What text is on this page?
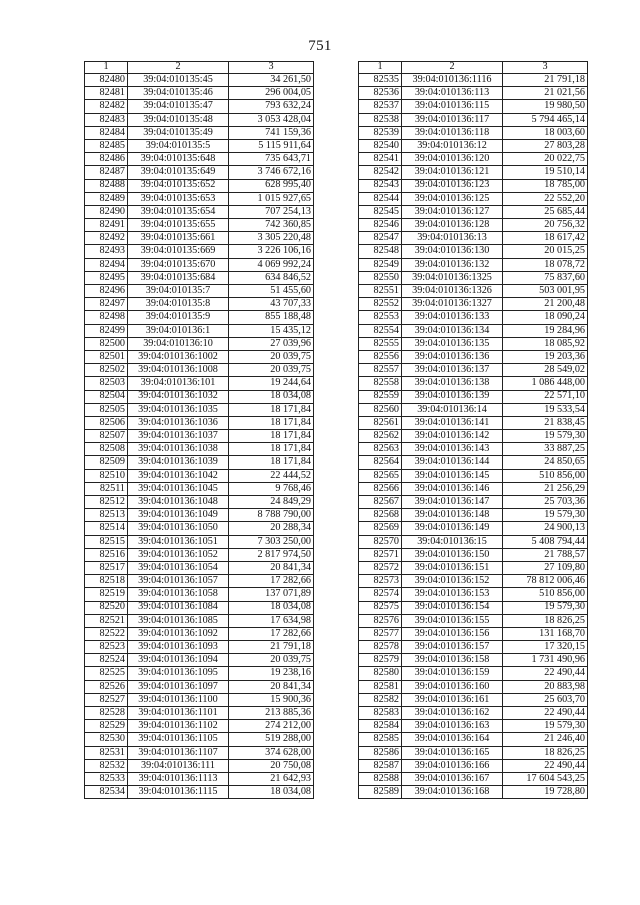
751
1	2	3
82480	39:04:010135:45	34 261,50
82481	39:04:010135:46	296 004,05
82482	39:04:010135:47	793 632,24
82483	39:04:010135:48	3 053 428,04
82484	39:04:010135:49	741 159,36
82485	39:04:010135:5	5 115 911,64
82486	39:04:010135:648	735 643,71
82487	39:04:010135:649	3 746 672,16
82488	39:04:010135:652	628 995,40
82489	39:04:010135:653	1 015 927,65
82490	39:04:010135:654	707 254,13
82491	39:04:010135:655	742 360,85
82492	39:04:010135:661	3 305 220,48
82493	39:04:010135:669	3 226 106,16
82494	39:04:010135:670	4 069 992,24
82495	39:04:010135:684	634 846,52
82496	39:04:010135:7	51 455,60
82497	39:04:010135:8	43 707,33
82498	39:04:010135:9	855 188,48
82499	39:04:010136:1	15 435,12
82500	39:04:010136:10	27 039,96
82501	39:04:010136:1002	20 039,75
82502	39:04:010136:1008	20 039,75
82503	39:04:010136:101	19 244,64
82504	39:04:010136:1032	18 034,08
82505	39:04:010136:1035	18 171,84
82506	39:04:010136:1036	18 171,84
82507	39:04:010136:1037	18 171,84
82508	39:04:010136:1038	18 171,84
82509	39:04:010136:1039	18 171,84
82510	39:04:010136:1042	22 444,52
82511	39:04:010136:1045	9 768,46
82512	39:04:010136:1048	24 849,29
82513	39:04:010136:1049	8 788 790,00
82514	39:04:010136:1050	20 288,34
82515	39:04:010136:1051	7 303 250,00
82516	39:04:010136:1052	2 817 974,50
82517	39:04:010136:1054	20 841,34
82518	39:04:010136:1057	17 282,66
82519	39:04:010136:1058	137 071,89
82520	39:04:010136:1084	18 034,08
82521	39:04:010136:1085	17 634,98
82522	39:04:010136:1092	17 282,66
82523	39:04:010136:1093	21 791,18
82524	39:04:010136:1094	20 039,75
82525	39:04:010136:1095	19 238,16
82526	39:04:010136:1097	20 841,34
82527	39:04:010136:1100	15 900,36
82528	39:04:010136:1101	213 885,36
82529	39:04:010136:1102	274 212,00
82530	39:04:010136:1105	519 288,00
82531	39:04:010136:1107	374 628,00
82532	39:04:010136:111	20 750,08
82533	39:04:010136:1113	21 642,93
82534	39:04:010136:1115	18 034,08
1	2	3
82535	39:04:010136:1116	21 791,18
82536	39:04:010136:113	21 021,56
82537	39:04:010136:115	19 980,50
82538	39:04:010136:117	5 794 465,14
82539	39:04:010136:118	18 003,60
82540	39:04:010136:12	27 803,28
82541	39:04:010136:120	20 022,75
82542	39:04:010136:121	19 510,14
82543	39:04:010136:123	18 785,00
82544	39:04:010136:125	22 552,20
82545	39:04:010136:127	25 685,44
82546	39:04:010136:128	20 756,32
82547	39:04:010136:13	18 617,42
82548	39:04:010136:130	20 015,25
82549	39:04:010136:132	18 078,72
82550	39:04:010136:1325	75 837,60
82551	39:04:010136:1326	503 001,95
82552	39:04:010136:1327	21 200,48
82553	39:04:010136:133	18 090,24
82554	39:04:010136:134	19 284,96
82555	39:04:010136:135	18 085,92
82556	39:04:010136:136	19 203,36
82557	39:04:010136:137	28 549,02
82558	39:04:010136:138	1 086 448,00
82559	39:04:010136:139	22 571,10
82560	39:04:010136:14	19 533,54
82561	39:04:010136:141	21 838,45
82562	39:04:010136:142	19 579,30
82563	39:04:010136:143	33 887,25
82564	39:04:010136:144	24 850,65
82565	39:04:010136:145	510 856,00
82566	39:04:010136:146	21 256,29
82567	39:04:010136:147	25 703,36
82568	39:04:010136:148	19 579,30
82569	39:04:010136:149	24 900,13
82570	39:04:010136:15	5 408 794,44
82571	39:04:010136:150	21 788,57
82572	39:04:010136:151	27 109,80
82573	39:04:010136:152	78 812 006,46
82574	39:04:010136:153	510 856,00
82575	39:04:010136:154	19 579,30
82576	39:04:010136:155	18 826,25
82577	39:04:010136:156	131 168,70
82578	39:04:010136:157	17 320,15
82579	39:04:010136:158	1 731 490,96
82580	39:04:010136:159	22 490,44
82581	39:04:010136:160	20 883,98
82582	39:04:010136:161	25 603,70
82583	39:04:010136:162	22 490,44
82584	39:04:010136:163	19 579,30
82585	39:04:010136:164	21 246,40
82586	39:04:010136:165	18 826,25
82587	39:04:010136:166	22 490,44
82588	39:04:010136:167	17 604 543,25
82589	39:04:010136:168	19 728,80
